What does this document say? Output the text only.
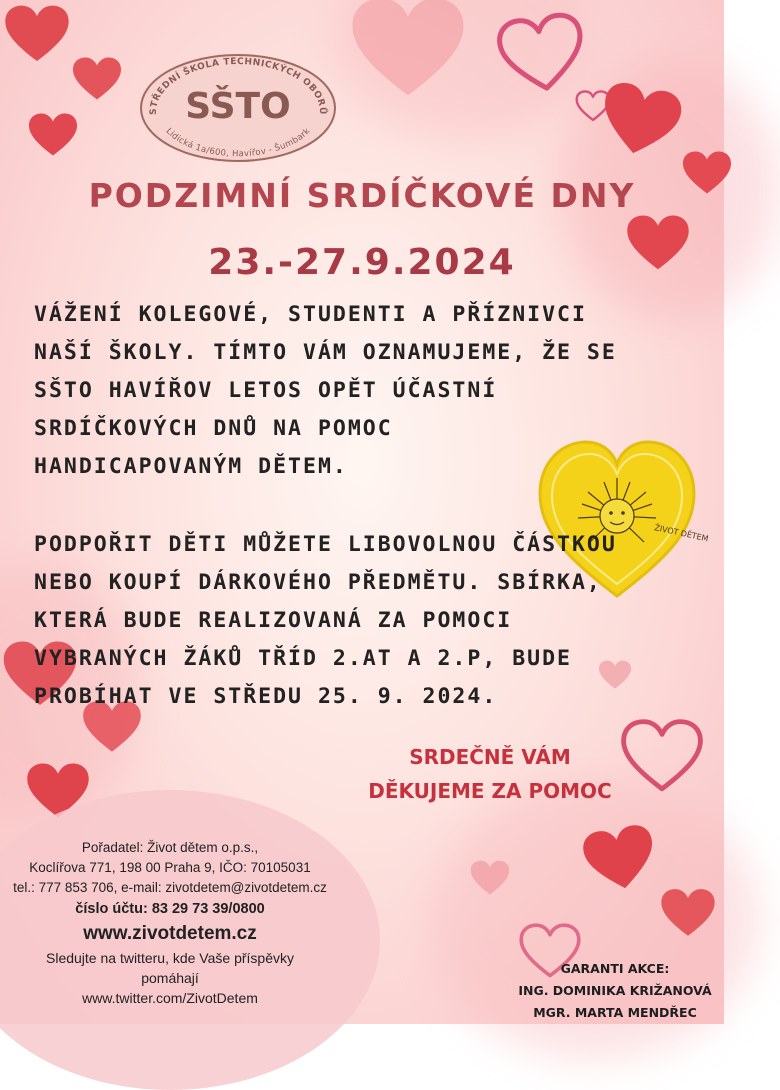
STŘEDNÍ ŠKOLA TECHNICKÝCH OBORŮ
SŠTO
Lidická 1a/600, Havířov - Šumbark
PODZIMNÍ SRDÍČKOVÉ DNY
23.-27.9.2024
VÁŽENÍ KOLEGOVÉ, STUDENTI A PŘÍZNIVCI
NAŠÍ ŠKOLY. TÍMTO VÁM OZNAMUJEME, ŽE SE
SŠTO HAVÍŘOV LETOS OPĚT ÚČASTNÍ
SRDÍČKOVÝCH DNŮ NA POMOC
HANDICAPOVANÝM DĚTEM.
ŽIVOT DĚTEM
PODPOŘIT DĚTI MŮŽETE LIBOVOLNOU ČÁSTKOU
NEBO KOUPÍ DÁRKOVÉHO PŘEDMĚTU. SBÍRKA,
KTERÁ BUDE REALIZOVANÁ ZA POMOCI
VYBRANÝCH ŽÁKŮ TŘÍD 2.AT A 2.P, BUDE
PROBÍHAT VE STŘEDU 25. 9. 2024.
SRDEČNĚ VÁM
DĚKUJEME ZA POMOC
Pořadatel: Život dětem o.p.s.,
Koclířova 771, 198 00 Praha 9, IČO: 70105031
tel.: 777 853 706, e-mail: zivotdetem@zivotdetem.cz
číslo účtu: 83 29 73 39/0800
www.zivotdetem.cz
Sledujte na twitteru, kde Vaše příspěvky
pomáhají
www.twitter.com/ZivotDetem
GARANTI AKCE:
ING. DOMINIKA KRIŽANOVÁ
MGR. MARTA MENDŘEC
